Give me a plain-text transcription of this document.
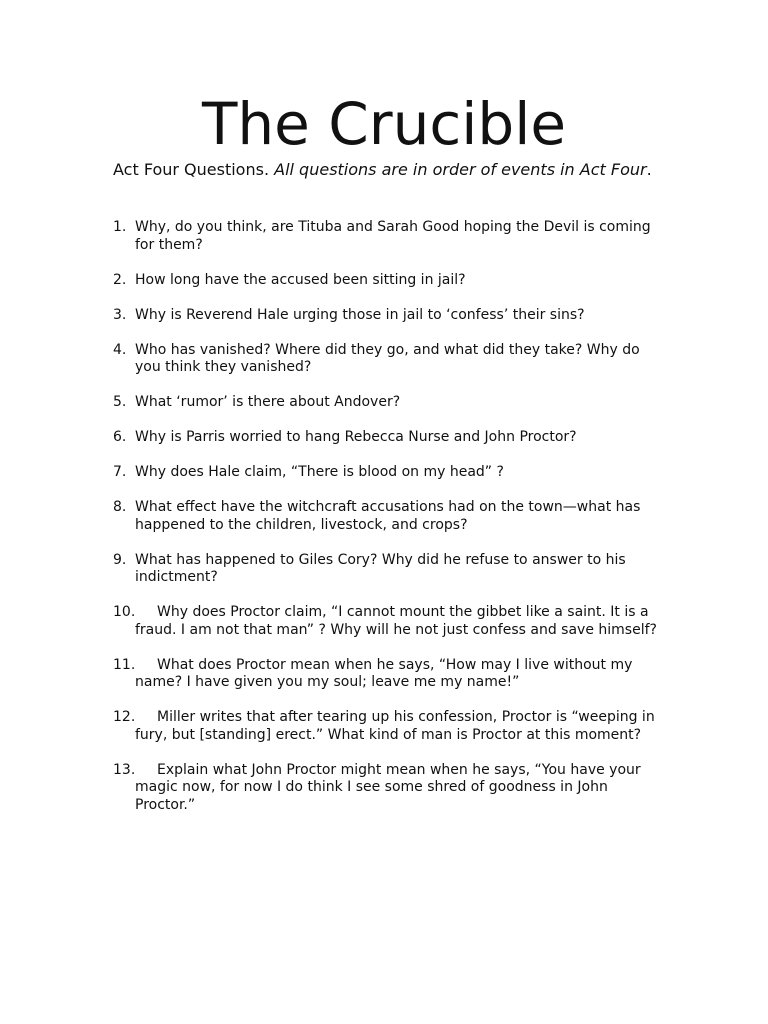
The Crucible

Act Four Questions. All questions are in order of events in Act Four.

1. Why, do you think, are Tituba and Sarah Good hoping the Devil is coming for them?
2. How long have the accused been sitting in jail?
3. Why is Reverend Hale urging those in jail to ‘confess’ their sins?
4. Who has vanished? Where did they go, and what did they take? Why do you think they vanished?
5. What ‘rumor’ is there about Andover?
6. Why is Parris worried to hang Rebecca Nurse and John Proctor?
7. Why does Hale claim, “There is blood on my head” ?
8. What effect have the witchcraft accusations had on the town—what has happened to the children, livestock, and crops?
9. What has happened to Giles Cory? Why did he refuse to answer to his indictment?
10. Why does Proctor claim, “I cannot mount the gibbet like a saint. It is a fraud. I am not that man” ? Why will he not just confess and save himself?
11. What does Proctor mean when he says, “How may I live without my name? I have given you my soul; leave me my name!”
12. Miller writes that after tearing up his confession, Proctor is “weeping in fury, but [standing] erect.” What kind of man is Proctor at this moment?
13. Explain what John Proctor might mean when he says, “You have your magic now, for now I do think I see some shred of goodness in John Proctor.”
